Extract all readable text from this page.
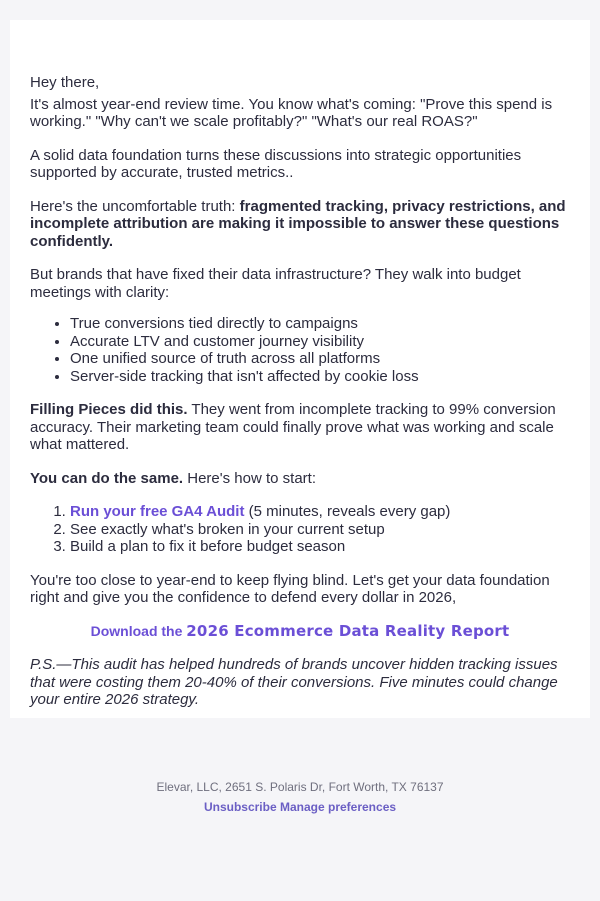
Hey there,

It's almost year-end review time. You know what's coming: "Prove this spend is working." "Why can't we scale profitably?" "What's our real ROAS?"

A solid data foundation turns these discussions into strategic opportunities supported by accurate, trusted metrics..

Here's the uncomfortable truth: fragmented tracking, privacy restrictions, and incomplete attribution are making it impossible to answer these questions confidently.

But brands that have fixed their data infrastructure? They walk into budget meetings with clarity:

• True conversions tied directly to campaigns
• Accurate LTV and customer journey visibility
• One unified source of truth across all platforms
• Server-side tracking that isn't affected by cookie loss

Filling Pieces did this. They went from incomplete tracking to 99% conversion accuracy. Their marketing team could finally prove what was working and scale what mattered.

You can do the same. Here's how to start:

1. Run your free GA4 Audit (5 minutes, reveals every gap)
2. See exactly what's broken in your current setup
3. Build a plan to fix it before budget season

You're too close to year-end to keep flying blind. Let's get your data foundation right and give you the confidence to defend every dollar in 2026,

Download the 2026 Ecommerce Data Reality Report

P.S.—This audit has helped hundreds of brands uncover hidden tracking issues that were costing them 20-40% of their conversions. Five minutes could change your entire 2026 strategy.

Elevar, LLC, 2651 S. Polaris Dr, Fort Worth, TX 76137
Unsubscribe Manage preferences
